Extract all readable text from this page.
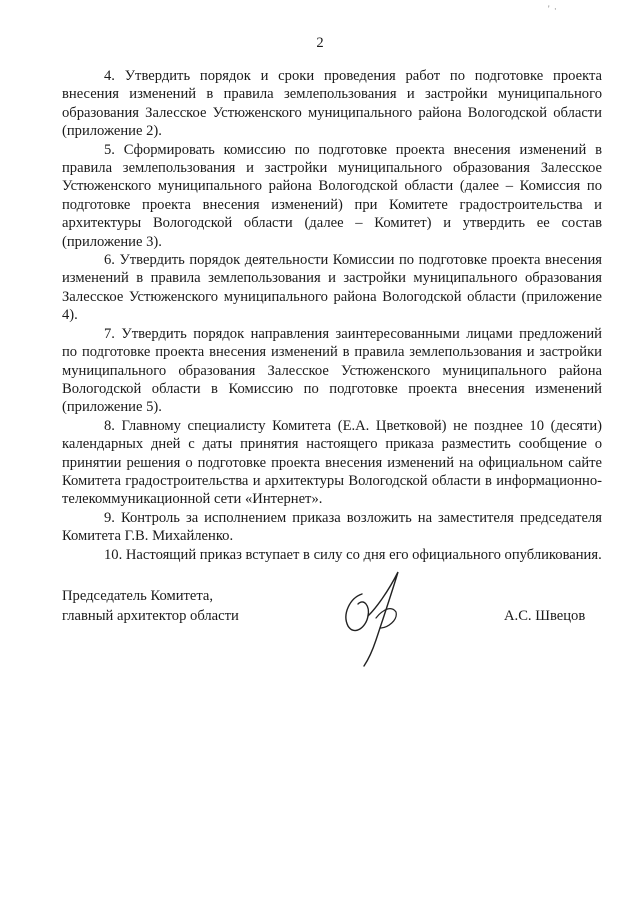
' ·
2

4. Утвердить порядок и сроки проведения работ по подготовке проекта внесения изменений в правила землепользования и застройки муниципального образования Залесское Устюженского муниципального района Вологодской области (приложение 2).

5. Сформировать комиссию по подготовке проекта внесения изменений в правила землепользования и застройки муниципального образования Залесское Устюженского муниципального района Вологодской области (далее – Комиссия по подготовке проекта внесения изменений) при Комитете градостроительства и архитектуры Вологодской области (далее – Комитет) и утвердить ее состав (приложение 3).

6. Утвердить порядок деятельности Комиссии по подготовке проекта внесения изменений в правила землепользования и застройки муниципального образования Залесское Устюженского муниципального района Вологодской области (приложение 4).

7. Утвердить порядок направления заинтересованными лицами предложений по подготовке проекта внесения изменений в правила землепользования и застройки муниципального образования Залесское Устюженского муниципального района Вологодской области в Комиссию по подготовке проекта внесения изменений (приложение 5).

8. Главному специалисту Комитета (Е.А. Цветковой) не позднее 10 (десяти) календарных дней с даты принятия настоящего приказа разместить сообщение о принятии решения о подготовке проекта внесения изменений на официальном сайте Комитета градостроительства и архитектуры Вологодской области в информационно-телекоммуникационной сети «Интернет».

9. Контроль за исполнением приказа возложить на заместителя председателя Комитета Г.В. Михайленко.

10. Настоящий приказ вступает в силу со дня его официального опубликования.

Председатель Комитета,
главный архитектор области	А.С. Швецов
